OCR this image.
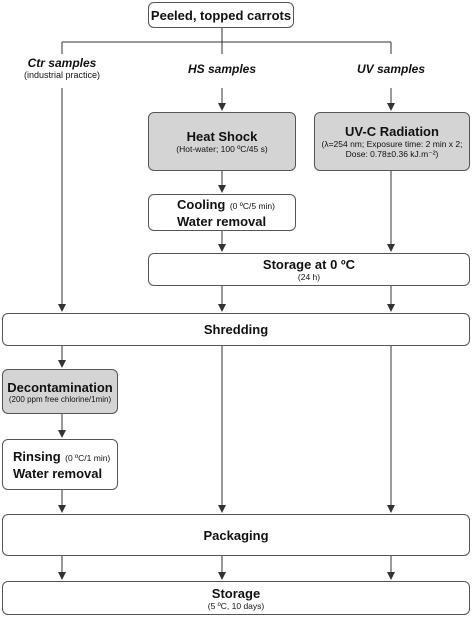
Peeled, topped carrots
Ctr samples
(industrial practice)	HS samples	UV samples
Heat Shock
(Hot-water; 100 ºC/45 s)
UV-C Radiation
(λ=254 nm; Exposure time: 2 min x 2;
Dose: 0.78±0.36 kJ.m⁻²)
Cooling (0 ºC/5 min)
Water removal
Storage at 0 ºC
(24 h)
Shredding
Decontamination
(200 ppm free chlorine/1min)
Rinsing (0 ºC/1 min)
Water removal
Packaging
Storage
(5 ºC, 10 days)
